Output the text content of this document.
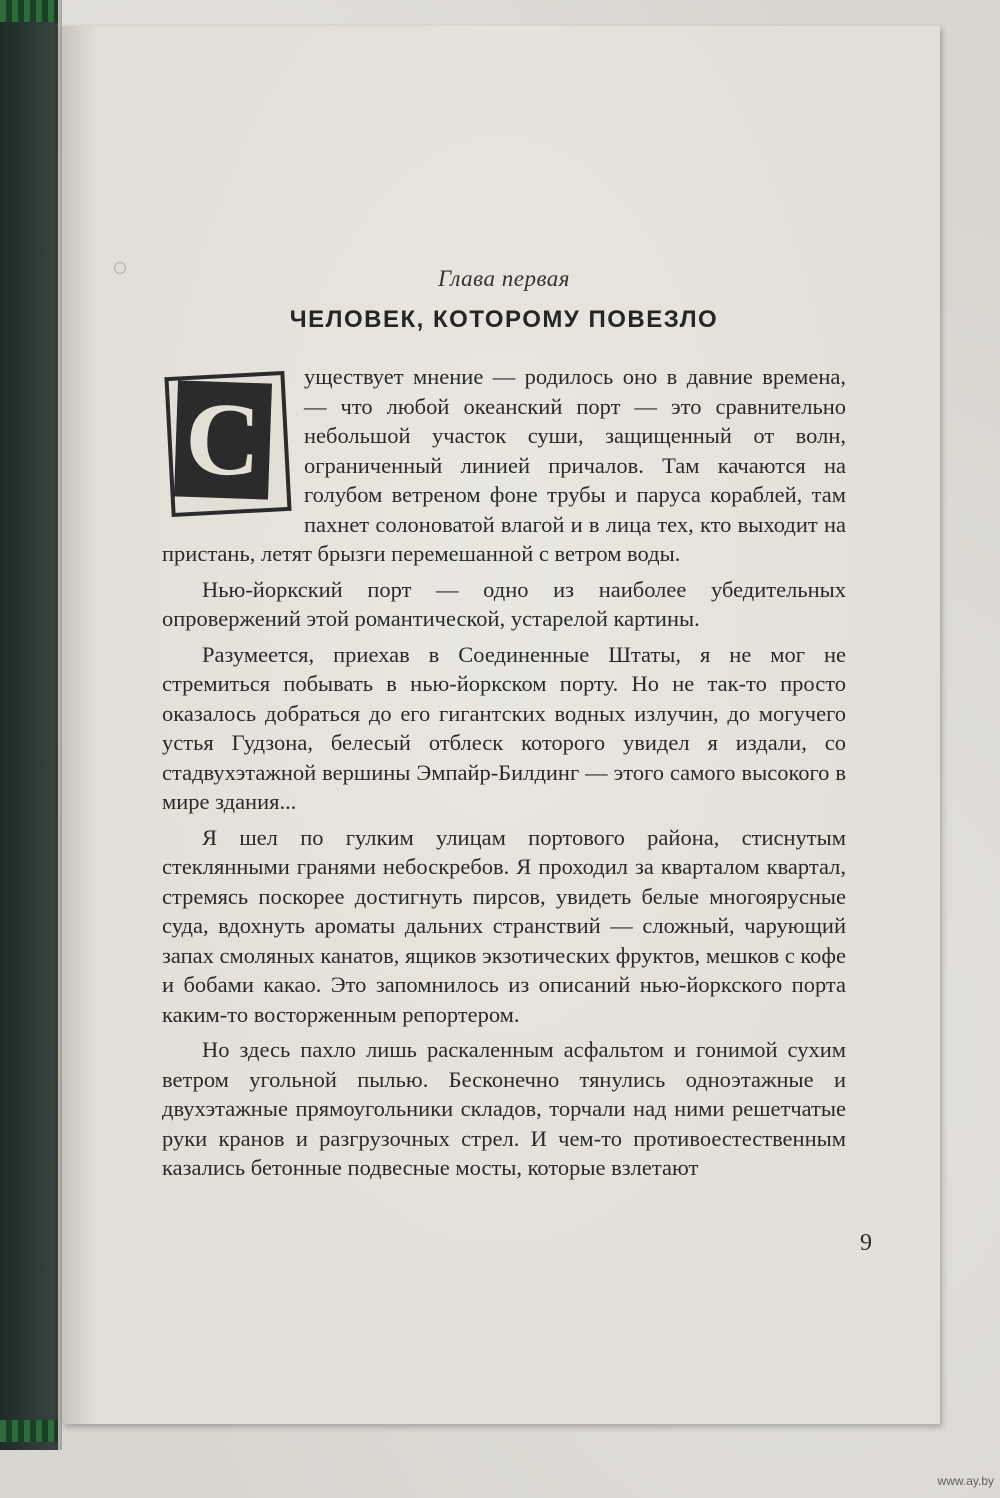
Глава первая

ЧЕЛОВЕК, КОТОРОМУ ПОВЕЗЛО
С

уществует мнение — родилось оно в давние времена, — что любой океанский порт — это сравнительно небольшой участок суши, защищенный от волн, ограниченный линией причалов. Там качаются на голубом ветреном фоне трубы и паруса кораблей, там пахнет солоноватой влагой и в лица тех, кто выходит на пристань, летят брызги перемешанной с ветром воды.

Нью-йоркский порт — одно из наиболее убедительных опровержений этой романтической, устарелой картины.

Разумеется, приехав в Соединенные Штаты, я не мог не стремиться побывать в нью-йоркском порту. Но не так-то просто оказалось добраться до его гигантских водных излучин, до могучего устья Гудзона, белесый отблеск которого увидел я издали, со стадвухэтажной вершины Эмпайр-Билдинг — этого самого высокого в мире здания...

Я шел по гулким улицам портового района, стиснутым стеклянными гранями небоскребов. Я проходил за кварталом квартал, стремясь поскорее достигнуть пирсов, увидеть белые многоярусные суда, вдохнуть ароматы дальних странствий — сложный, чарующий запах смоляных канатов, ящиков экзотических фруктов, мешков с кофе и бобами какао. Это запомнилось из описаний нью-йоркского порта каким-то восторженным репортером.

Но здесь пахло лишь раскаленным асфальтом и гонимой сухим ветром угольной пылью. Бесконечно тянулись одноэтажные и двухэтажные прямоугольники складов, торчали над ними решетчатые руки кранов и разгрузочных стрел. И чем-то противоестественным казались бетонные подвесные мосты, которые взлетают

9
www.ay.by
